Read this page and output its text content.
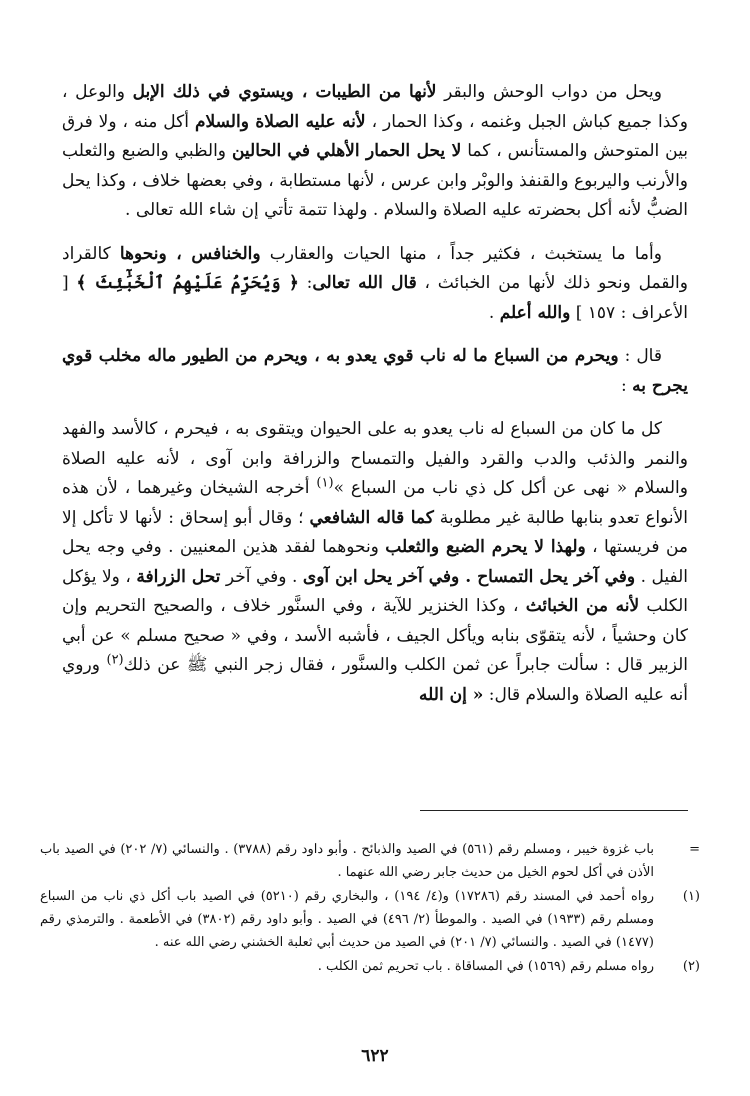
ويحل من دواب الوحش والبقر لأنها من الطيبات ، ويستوي في ذلك الإبل والوعل ، وكذا جميع كباش الجبل وغنمه ، وكذا الحمار ، لأنه عليه الصلاة والسلام أكل منه ، ولا فرق بين المتوحش والمستأنس ، كما لا يحل الحمار الأهلي في الحالين والظبي والضبع والثعلب والأرنب واليربوع والقنفذ والوبْر وابن عرس ، لأنها مستطابة ، وفي بعضها خلاف ، وكذا يحل الضبُّ لأنه أكل بحضرته عليه الصلاة والسلام . ولهذا تتمة تأتي إن شاء الله تعالى .

وأما ما يستخبث ، فكثير جداً ، منها الحيات والعقارب والخنافس ، ونحوها كالقراد والقمل ونحو ذلك لأنها من الخبائث ، قال الله تعالى: ﴿ وَيُحَرِّمُ عَلَيْهِمُ ٱلْخَبَٰٓئِثَ ﴾ [ الأعراف : ١٥٧ ] والله أعلم .

قال : ويحرم من السباع ما له ناب قوي يعدو به ، ويحرم من الطيور ماله مخلب قوي يجرح به :

كل ما كان من السباع له ناب يعدو به على الحيوان ويتقوى به ، فيحرم ، كالأسد والفهد والنمر والذئب والدب والقرد والفيل والتمساح والزرافة وابن آوى ، لأنه عليه الصلاة والسلام « نهى عن أكل كل ذي ناب من السباع »$^{(١)}$ أخرجه الشيخان وغيرهما ، لأن هذه الأنواع تعدو بنابها طالبة غير مطلوبة كما قاله الشافعي ؛ وقال أبو إسحاق : لأنها لا تأكل إلا من فريستها ، ولهذا لا يحرم الضبع والثعلب ونحوهما لفقد هذين المعنيين . وفي وجه يحل الفيل . وفي آخر يحل التمساح . وفي آخر يحل ابن آوى . وفي آخر تحل الزرافة ، ولا يؤكل الكلب لأنه من الخبائث ، وكذا الخنزير للآية ، وفي السنَّور خلاف ، والصحيح التحريم وإن كان وحشياً ، لأنه يتقوّى بنابه ويأكل الجيف ، فأشبه الأسد ، وفي « صحيح مسلم » عن أبي الزبير قال : سألت جابراً عن ثمن الكلب والسنَّور ، فقال زجر النبي ﷺ عن ذلك$^{(٢)}$ وروي أنه عليه الصلاة والسلام قال: « إن الله

=
باب غزوة خيبر ، ومسلم رقم (٥٦١) في الصيد والذبائح . وأبو داود رقم (٣٧٨٨) . والنسائي (٧/ ٢٠٢) في الصيد باب الأذن في أكل لحوم الخيل من حديث جابر رضي الله عنهما .
(١)
رواه أحمد في المسند رقم (١٧٢٨٦) و(٤/ ١٩٤) ، والبخاري رقم (٥٢١٠) في الصيد باب أكل ذي ناب من السباع ومسلم رقم (١٩٣٣) في الصيد . والموطأ (٢/ ٤٩٦) في الصيد . وأبو داود رقم (٣٨٠٢) في الأطعمة . والترمذي رقم (١٤٧٧) في الصيد . والنسائي (٧/ ٢٠١) في الصيد من حديث أبي ثعلبة الخشني رضي الله عنه .
(٢)
رواه مسلم رقم (١٥٦٩) في المساقاة . باب تحريم ثمن الكلب .
٦٢٢
